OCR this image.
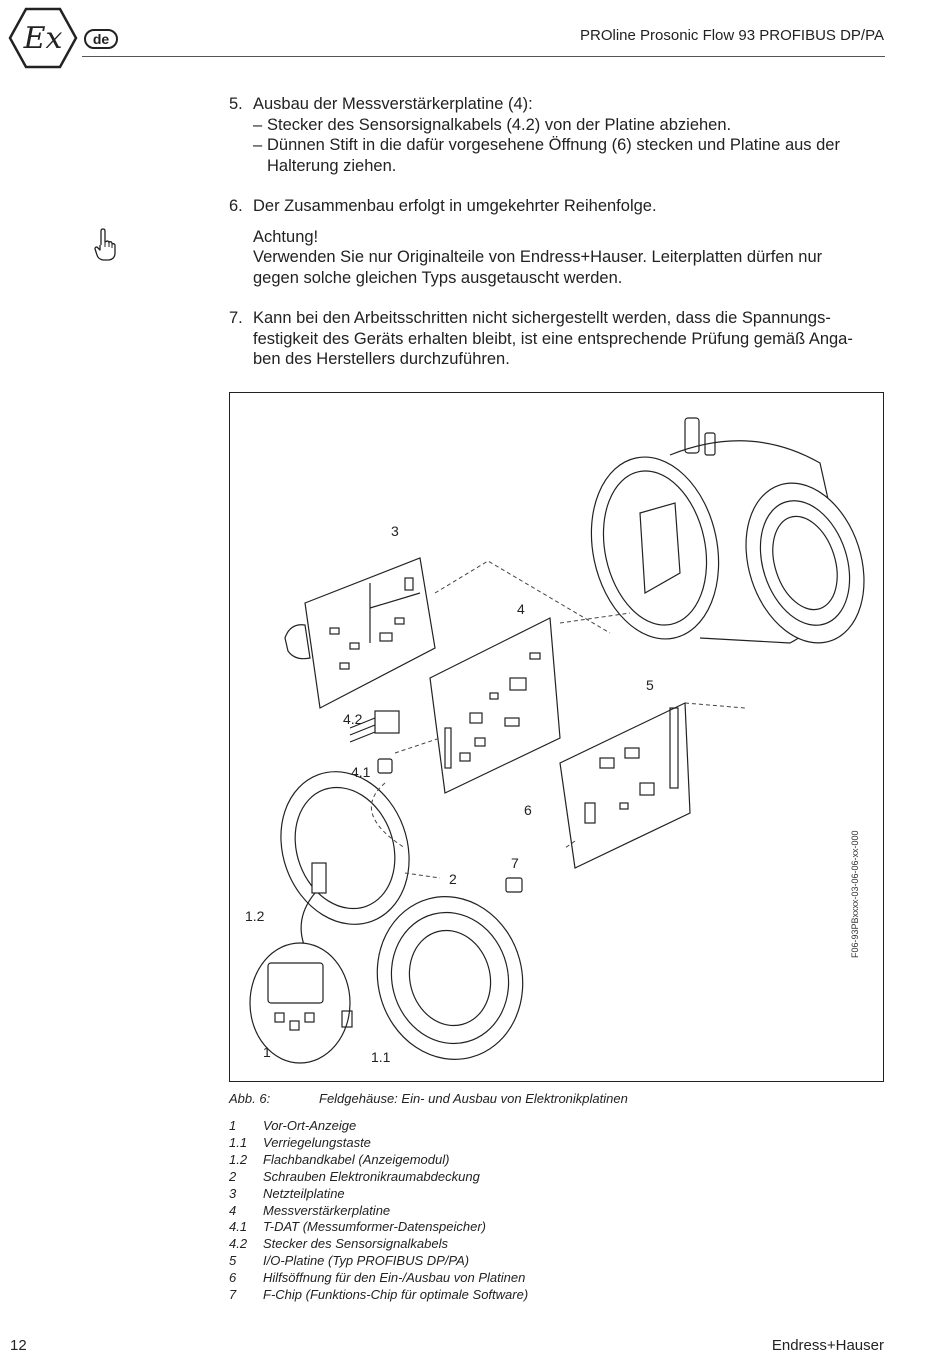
Ex	de	PROline Prosonic Flow 93 PROFIBUS DP/PA
5. Ausbau der Messverstärkerplatine (4):
– Stecker des Sensorsignalkabels (4.2) von der Platine abziehen.
– Dünnen Stift in die dafür vorgesehene Öffnung (6) stecken und Platine aus der Halterung ziehen.
6. Der Zusammenbau erfolgt in umgekehrter Reihenfolge.
Achtung!
Verwenden Sie nur Originalteile von Endress+Hauser. Leiterplatten dürfen nur gegen solche gleichen Typs ausgetauscht werden.
7. Kann bei den Arbeitsschritten nicht sichergestellt werden, dass die Spannungs-festigkeit des Geräts erhalten bleibt, ist eine entsprechende Prüfung gemäß Anga-ben des Herstellers durchzuführen.
3
4
5
4.2
4.1
6
7
2
1.2
1	1.1
F06-93PBxxxx-03-06-06-xx-000
Abb. 6:	Feldgehäuse: Ein- und Ausbau von Elektronikplatinen
1	Vor-Ort-Anzeige
1.1	Verriegelungstaste
1.2	Flachbandkabel (Anzeigemodul)
2	Schrauben Elektronikraumabdeckung
3	Netzteilplatine
4	Messverstärkerplatine
4.1	T-DAT (Messumformer-Datenspeicher)
4.2	Stecker des Sensorsignalkabels
5	I/O-Platine (Typ PROFIBUS DP/PA)
6	Hilfsöffnung für den Ein-/Ausbau von Platinen
7	F-Chip (Funktions-Chip für optimale Software)
12	Endress+Hauser
